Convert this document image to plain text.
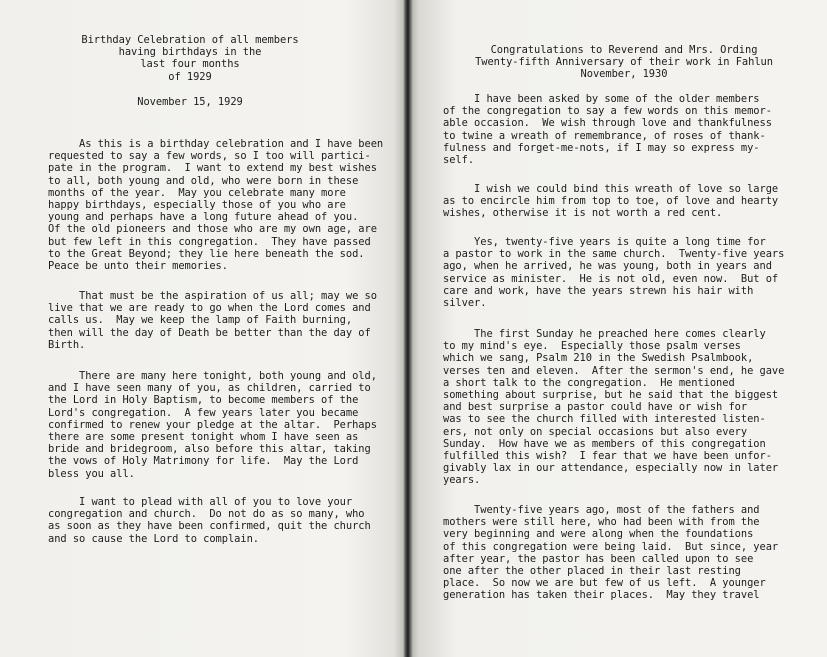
Birthday Celebration of all members
having birthdays in the
last four months
of 1929
November 15, 1929
As this is a birthday celebration and I have been
requested to say a few words, so I too will partici-
pate in the program.  I want to extend my best wishes
to all, both young and old, who were born in these
months of the year.  May you celebrate many more
happy birthdays, especially those of you who are
young and perhaps have a long future ahead of you.
Of the old pioneers and those who are my own age, are
but few left in this congregation.  They have passed
to the Great Beyond; they lie here beneath the sod.
Peace be unto their memories.
That must be the aspiration of us all; may we so
live that we are ready to go when the Lord comes and
calls us.  May we keep the lamp of Faith burning,
then will the day of Death be better than the day of
Birth.
There are many here tonight, both young and old,
and I have seen many of you, as children, carried to
the Lord in Holy Baptism, to become members of the
Lord's congregation.  A few years later you became
confirmed to renew your pledge at the altar.  Perhaps
there are some present tonight whom I have seen as
bride and bridegroom, also before this altar, taking
the vows of Holy Matrimony for life.  May the Lord
bless you all.
I want to plead with all of you to love your
congregation and church.  Do not do as so many, who
as soon as they have been confirmed, quit the church
and so cause the Lord to complain.
Congratulations to Reverend and Mrs. Ording
Twenty-fifth Anniversary of their work in Fahlun
November, 1930
I have been asked by some of the older members
of the congregation to say a few words on this memor-
able occasion.  We wish through love and thankfulness
to twine a wreath of remembrance, of roses of thank-
fulness and forget-me-nots, if I may so express my-
self.
I wish we could bind this wreath of love so large
as to encircle him from top to toe, of love and hearty
wishes, otherwise it is not worth a red cent.
Yes, twenty-five years is quite a long time for
a pastor to work in the same church.  Twenty-five years
ago, when he arrived, he was young, both in years and
service as minister.  He is not old, even now.  But of
care and work, have the years strewn his hair with
silver.
The first Sunday he preached here comes clearly
to my mind's eye.  Especially those psalm verses
which we sang, Psalm 210 in the Swedish Psalmbook,
verses ten and eleven.  After the sermon's end, he gave
a short talk to the congregation.  He mentioned
something about surprise, but he said that the biggest
and best surprise a pastor could have or wish for
was to see the church filled with interested listen-
ers, not only on special occasions but also every
Sunday.  How have we as members of this congregation
fulfilled this wish?  I fear that we have been unfor-
givably lax in our attendance, especially now in later
years.
Twenty-five years ago, most of the fathers and
mothers were still here, who had been with from the
very beginning and were along when the foundations
of this congregation were being laid.  But since, year
after year, the pastor has been called upon to see
one after the other placed in their last resting
place.  So now we are but few of us left.  A younger
generation has taken their places.  May they travel
